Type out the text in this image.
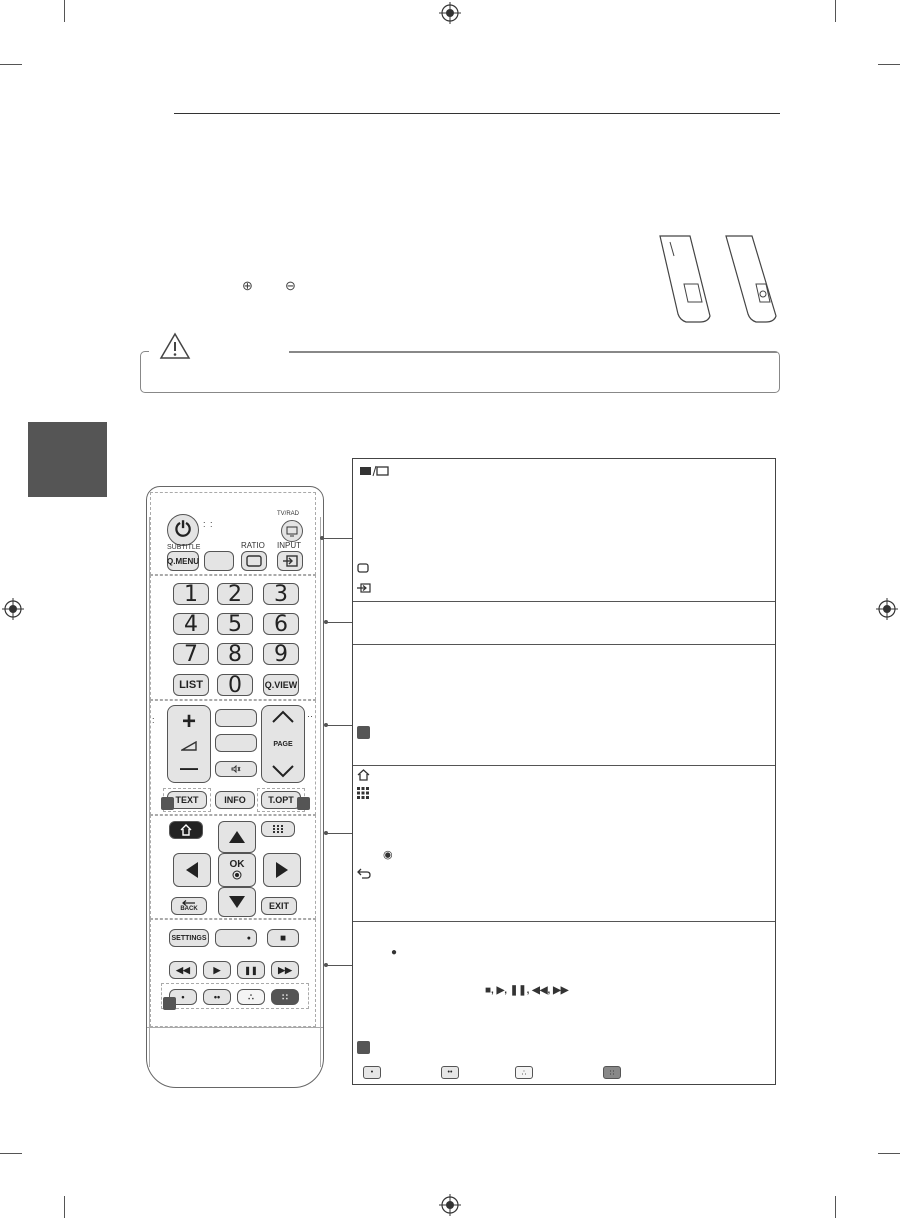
⊕ ⊖
⏻	: :
TV/RAD
SUBTITLE	RATIO INPUT
Q.MENU
1	2	3
4	5	6
7	8	9
LIST	0	Q.VIEW
:	··
+
—
PAGE
TEXT	INFO	T.OPT
OK
BACK	EXIT
SETTINGS	●	■
◀◀	▶	❚❚	▶▶
•	••	∴	∷
◉
●
■, ▶, ❚❚, ◀◀, ▶▶
•	••	∴	∷
